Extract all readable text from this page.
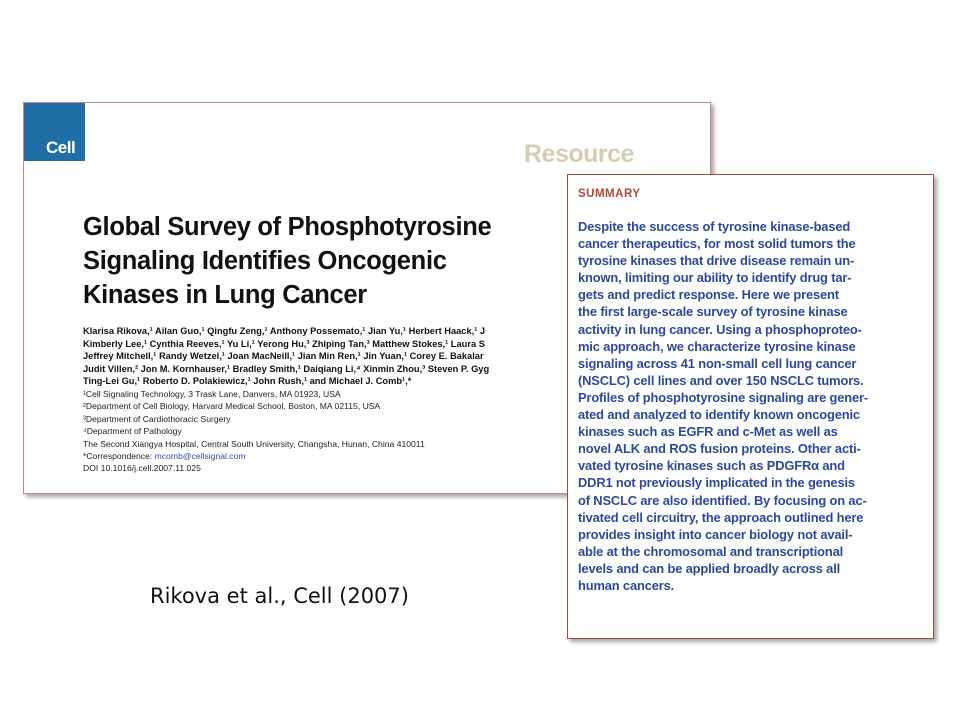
Cell	Resource
Global Survey of Phosphotyrosine
Signaling Identifies Oncogenic
Kinases in Lung Cancer
Klarisa Rikova,¹ Ailan Guo,¹ Qingfu Zeng,¹ Anthony Possemato,¹ Jian Yu,¹ Herbert Haack,¹ J
Kimberly Lee,¹ Cynthia Reeves,¹ Yu Li,¹ Yerong Hu,³ Zhiping Tan,³ Matthew Stokes,¹ Laura S
Jeffrey Mitchell,¹ Randy Wetzel,¹ Joan MacNeill,¹ Jian Min Ren,¹ Jin Yuan,¹ Corey E. Bakalar
Judit Villen,² Jon M. Kornhauser,¹ Bradley Smith,¹ Daiqiang Li,⁴ Xinmin Zhou,³ Steven P. Gyg
Ting-Lei Gu,¹ Roberto D. Polakiewicz,¹ John Rush,¹ and Michael J. Comb¹,*
¹Cell Signaling Technology, 3 Trask Lane, Danvers, MA 01923, USA
²Department of Cell Biology, Harvard Medical School, Boston, MA 02115, USA
³Department of Cardiothoracic Surgery
⁴Department of Pathology
The Second Xiangya Hospital, Central South University, Changsha, Hunan, China 410011
*Correspondence: mcomb@cellsignal.com
DOI 10.1016/j.cell.2007.11.025
SUMMARY
Despite the success of tyrosine kinase-based
cancer therapeutics, for most solid tumors the
tyrosine kinases that drive disease remain un-
known, limiting our ability to identify drug tar-
gets and predict response. Here we present
the first large-scale survey of tyrosine kinase
activity in lung cancer. Using a phosphoproteo-
mic approach, we characterize tyrosine kinase
signaling across 41 non-small cell lung cancer
(NSCLC) cell lines and over 150 NSCLC tumors.
Profiles of phosphotyrosine signaling are gener-
ated and analyzed to identify known oncogenic
kinases such as EGFR and c-Met as well as
novel ALK and ROS fusion proteins. Other acti-
vated tyrosine kinases such as PDGFRα and
DDR1 not previously implicated in the genesis
of NSCLC are also identified. By focusing on ac-
tivated cell circuitry, the approach outlined here
provides insight into cancer biology not avail-
able at the chromosomal and transcriptional
levels and can be applied broadly across all
human cancers.
Rikova et al., Cell (2007)
